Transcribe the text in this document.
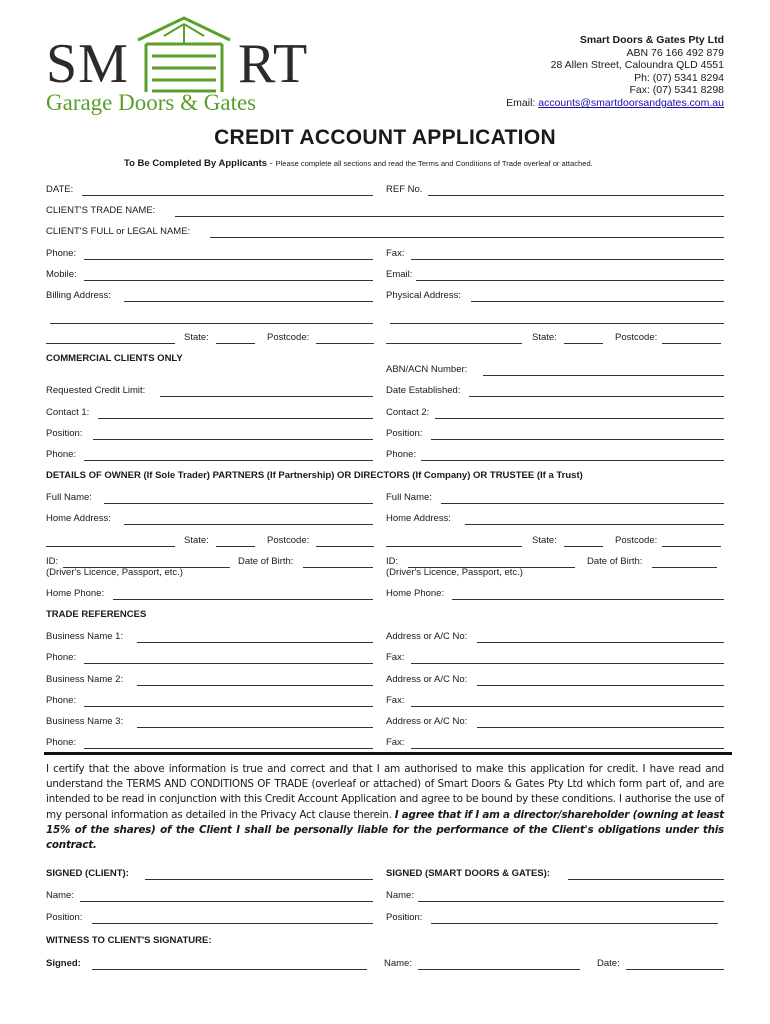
SM RT
Garage Doors & Gates
Smart Doors & Gates Pty Ltd
ABN 76 166 492 879
28 Allen Street, Caloundra QLD 4551
Ph: (07) 5341 8294
Fax: (07) 5341 8298
Email: accounts@smartdoorsandgates.com.au
CREDIT ACCOUNT APPLICATION
To Be Completed By Applicants - Please complete all sections and read the Terms and Conditions of Trade overleaf or attached.
DATE:	REF No.
CLIENT'S TRADE NAME:
CLIENT'S FULL or LEGAL NAME:
Phone:	Fax:
Mobile:	Email:
Billing Address:	Physical Address:
State:	Postcode:	State:	Postcode:
COMMERCIAL CLIENTS ONLY
ABN/ACN Number:
Requested Credit Limit:	Date Established:
Contact 1:	Contact 2:
Position:	Position:
Phone:	Phone:
DETAILS OF OWNER (If Sole Trader) PARTNERS (If Partnership) OR DIRECTORS (If Company) OR TRUSTEE (If a Trust)
Full Name:	Full Name:
Home Address:	Home Address:
State:	Postcode:	State:	Postcode:
ID:	Date of Birth:	ID:	Date of Birth:
(Driver's Licence, Passport, etc.)	(Driver's Licence, Passport, etc.)
Home Phone:	Home Phone:
TRADE REFERENCES
Business Name 1:	Address or A/C No:
Phone:	Fax:
Business Name 2:	Address or A/C No:
Phone:	Fax:
Business Name 3:	Address or A/C No:
Phone:	Fax:
SIGNED (CLIENT):	SIGNED (SMART DOORS & GATES):
Name:	Name:
Position:	Position:
WITNESS TO CLIENT'S SIGNATURE:
Signed:	Name:	Date:
I certify that the above information is true and correct and that I am authorised to make this application for credit. I have read and understand the TERMS AND CONDITIONS OF TRADE (overleaf or attached) of Smart Doors & Gates Pty Ltd which form part of, and are intended to be read in conjunction with this Credit Account Application and agree to be bound by these conditions. I authorise the use of my personal information as detailed in the Privacy Act clause therein. I agree that if I am a director/shareholder (owning at least 15% of the shares) of the Client I shall be personally liable for the performance of the Client's obligations under this contract.
